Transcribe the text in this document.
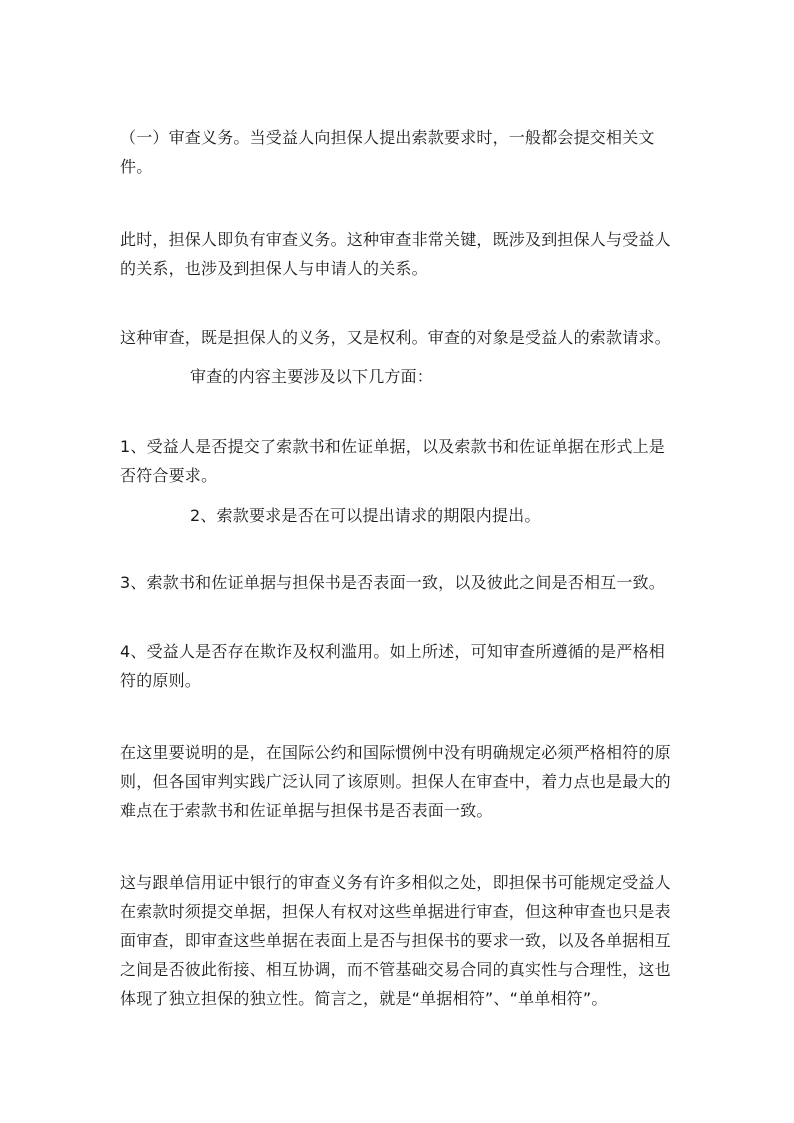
（一）审查义务。当受益人向担保人提出索款要求时，一般都会提交相关文件。

此时，担保人即负有审查义务。这种审查非常关键，既涉及到担保人与受益人的关系，也涉及到担保人与申请人的关系。

这种审查，既是担保人的义务，又是权利。审查的对象是受益人的索款请求。

审查的内容主要涉及以下几方面：

1、受益人是否提交了索款书和佐证单据，以及索款书和佐证单据在形式上是否符合要求。

2、索款要求是否在可以提出请求的期限内提出。

3、索款书和佐证单据与担保书是否表面一致，以及彼此之间是否相互一致。

4、受益人是否存在欺诈及权利滥用。如上所述，可知审查所遵循的是严格相符的原则。

在这里要说明的是，在国际公约和国际惯例中没有明确规定必须严格相符的原则，但各国审判实践广泛认同了该原则。担保人在审查中，着力点也是最大的难点在于索款书和佐证单据与担保书是否表面一致。

这与跟单信用证中银行的审查义务有许多相似之处，即担保书可能规定受益人在索款时须提交单据，担保人有权对这些单据进行审查，但这种审查也只是表面审查，即审查这些单据在表面上是否与担保书的要求一致，以及各单据相互之间是否彼此衔接、相互协调，而不管基础交易合同的真实性与合理性，这也体现了独立担保的独立性。简言之，就是“单据相符”、“单单相符”。
